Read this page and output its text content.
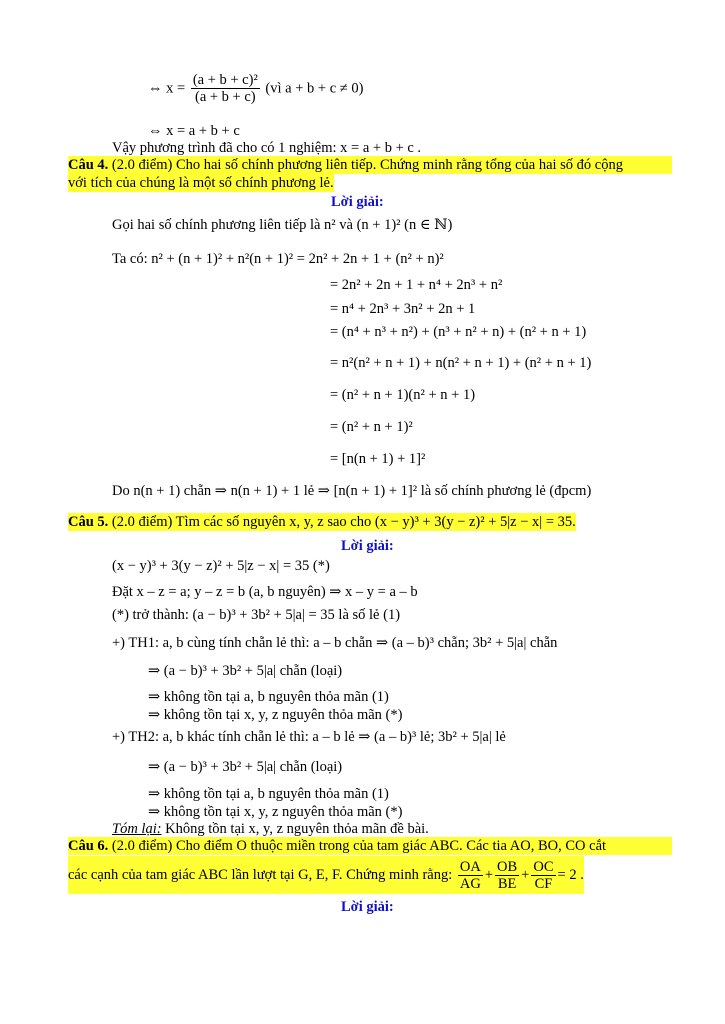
⇔ $x = \frac{\text{(a + b + c)²}}{(a + b + c)}$ (vì a + b + c ≠ 0)
⇔ x = a + b + c
Vậy phương trình đã cho có 1 nghiệm: x = a + b + c .
Câu 4. (2.0 điểm) Cho hai số chính phương liên tiếp. Chứng minh rằng tổng của hai số đó cộng
với tích của chúng là một số chính phương lẻ.
Lời giải:
Gọi hai số chính phương liên tiếp là n² và (n + 1)² (n ∈ ℕ)
Ta có: n² + (n + 1)² + n²(n + 1)² = 2n² + 2n + 1 + (n² + n)²
= 2n² + 2n + 1 + n⁴ + 2n³ + n²
= n⁴ + 2n³ + 3n² + 2n + 1
= (n⁴ + n³ + n²) + (n³ + n² + n) + (n² + n + 1)
= n²(n² + n + 1) + n(n² + n + 1) + (n² + n + 1)
= (n² + n + 1)(n² + n + 1)
= (n² + n + 1)²
= [n(n + 1) + 1]²
Do n(n + 1) chẵn ⇒ n(n + 1) + 1 lẻ ⇒ [n(n + 1) + 1]² là số chính phương lẻ (đpcm)
Câu 5. (2.0 điểm) Tìm các số nguyên x, y, z sao cho (x − y)³ + 3(y − z)² + 5|z − x| = 35.
Lời giải:
(x − y)³ + 3(y − z)² + 5|z − x| = 35 (*)
Đặt x – z = a; y – z = b (a, b nguyên) ⇒ x – y = a – b
(*) trở thành: (a − b)³ + 3b² + 5|a| = 35 là số lẻ (1)
+) TH1: a, b cùng tính chẵn lẻ thì: a – b chẵn ⇒ (a – b)³ chẵn; 3b² + 5|a| chẵn
⇒ (a − b)³ + 3b² + 5|a| chẵn (loại)
⇒ không tồn tại a, b nguyên thỏa mãn (1)
⇒ không tồn tại x, y, z nguyên thỏa mãn (*)
+) TH2: a, b khác tính chẵn lẻ thì: a – b lẻ ⇒ (a – b)³ lẻ; 3b² + 5|a| lẻ
⇒ (a − b)³ + 3b² + 5|a| chẵn (loại)
⇒ không tồn tại a, b nguyên thỏa mãn (1)
⇒ không tồn tại x, y, z nguyên thỏa mãn (*)
Tóm lại: Không tồn tại x, y, z nguyên thỏa mãn đề bài.
Câu 6. (2.0 điểm) Cho điểm O thuộc miền trong của tam giác ABC. Các tia AO, BO, CO cắt
các cạnh của tam giác ABC lần lượt tại G, E, F. Chứng minh rằng: $\frac{OA}{AG} + \frac{OB}{BE} + \frac{OC}{CF} = 2$ .
Lời giải:
